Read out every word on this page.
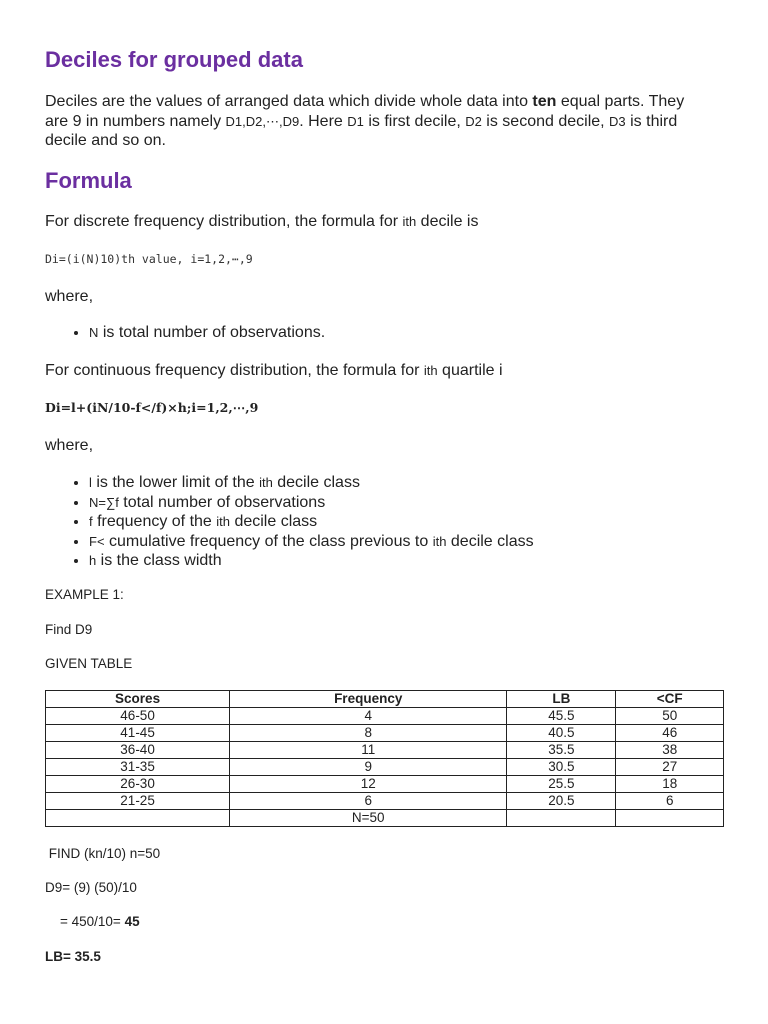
Deciles for grouped data
Deciles are the values of arranged data which divide whole data into ten equal parts. They are 9 in numbers namely D1,D2,⋯,D9. Here D1 is first decile, D2 is second decile, D3 is third decile and so on.
Formula
For discrete frequency distribution, the formula for ith decile is
Di=(i(N)10)th value, i=1,2,⋯,9
where,
• N is total number of observations.
For continuous frequency distribution, the formula for ith quartile i
Di=l+(iN/10-f</f)×h;i=1,2,⋯,9
where,
• l is the lower limit of the ith decile class
• N=∑f total number of observations
• f frequency of the ith decile class
• F< cumulative frequency of the class previous to ith decile class
• h is the class width
EXAMPLE 1:
Find D9
GIVEN TABLE
Scores	Frequency	LB	<CF
46-50	4	45.5	50
41-45	8	40.5	46
36-40	11	35.5	38
31-35	9	30.5	27
26-30	12	25.5	18
21-25	6	20.5	6
	N=50		
FIND (kn/10) n=50
D9= (9) (50)/10
= 450/10= 45
LB= 35.5
